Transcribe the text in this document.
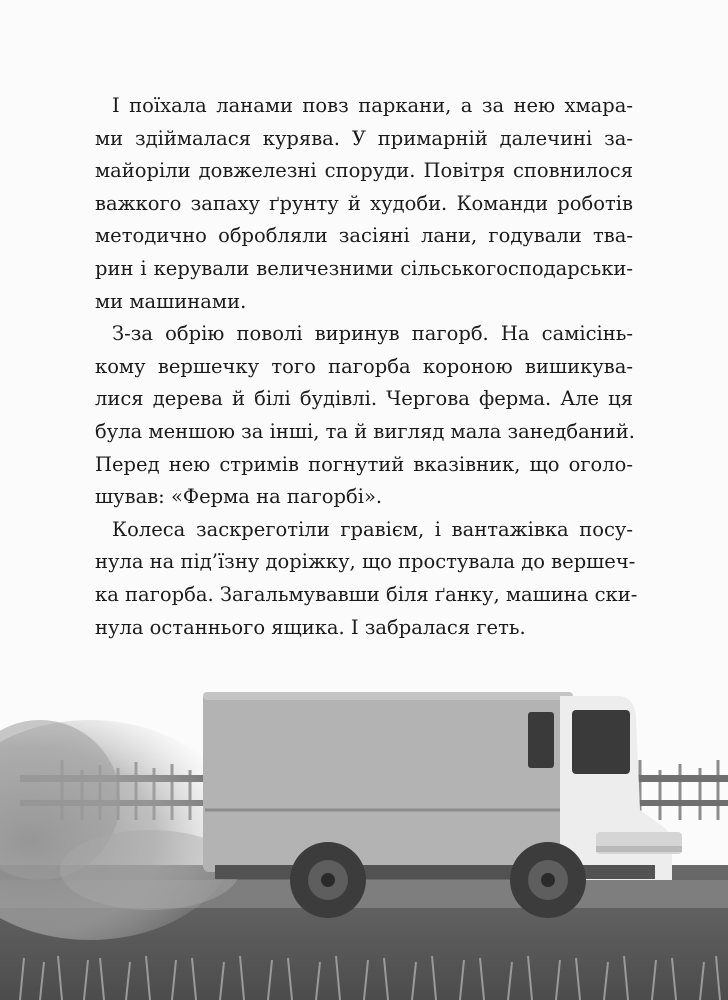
І поїхала ланами повз паркани, а за нею хмара-
ми здіймалася курява. У примарній далечині за-
майоріли довжелезні споруди. Повітря сповнилося
важкого запаху ґрунту й худоби. Команди роботів
методично обробляли засіяні лани, годували тва-
рин і керували величезними сільськогосподарськи-
ми машинами.

З-за обрію поволі виринув пагорб. На самісінь-
кому вершечку того пагорба короною вишикува-
лися дерева й білі будівлі. Чергова ферма. Але ця
була меншою за інші, та й вигляд мала занедбаний.
Перед нею стримів погнутий вказівник, що оголо-
шував: «Ферма на пагорбі».

Колеса заскреготіли гравієм, і вантажівка посу-
нула на під’їзну доріжку, що простувала до вершеч-
ка пагорба. Загальмувавши біля ґанку, машина ски-
нула останнього ящика. І забралася геть.
